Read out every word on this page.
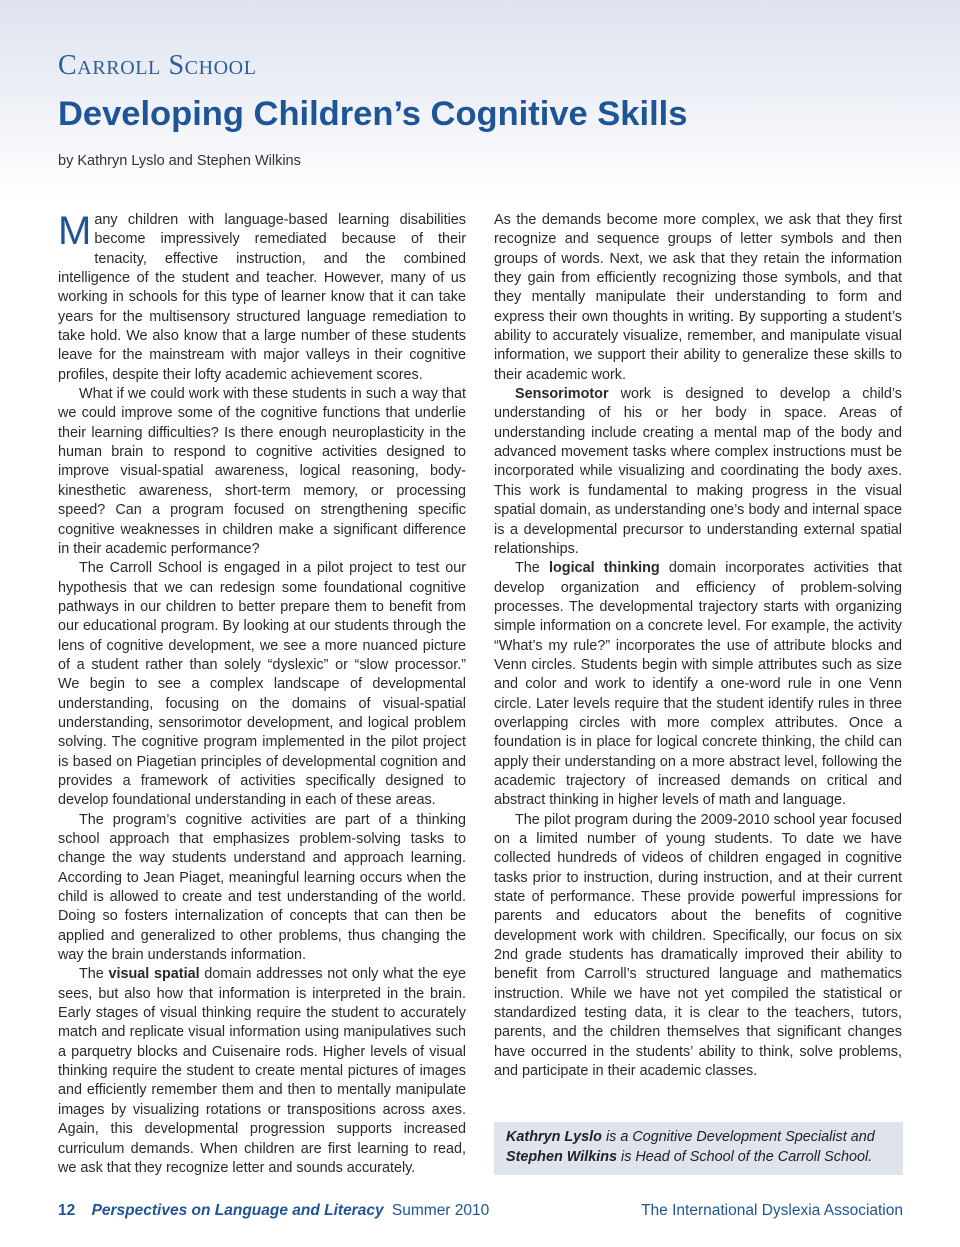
Carroll School
Developing Children’s Cognitive Skills
by Kathryn Lyslo and Stephen Wilkins

Many children with language-based learning disabilities become impressively remediated because of their tenacity, effective instruction, and the combined intelligence of the student and teacher. However, many of us working in schools for this type of learner know that it can take years for the multisensory structured language remediation to take hold. We also know that a large number of these students leave for the mainstream with major valleys in their cognitive profiles, despite their lofty academic achievement scores.

What if we could work with these students in such a way that we could improve some of the cognitive functions that underlie their learning difficulties? Is there enough neuroplasticity in the human brain to respond to cognitive activities designed to improve visual-spatial awareness, logical reasoning, body-kinesthetic awareness, short-term memory, or processing speed? Can a program focused on strengthening specific cognitive weaknesses in children make a significant difference in their academic performance?

The Carroll School is engaged in a pilot project to test our hypothesis that we can redesign some foundational cognitive pathways in our children to better prepare them to benefit from our educational program. By looking at our students through the lens of cognitive development, we see a more nuanced picture of a student rather than solely “dyslexic” or “slow processor.” We begin to see a complex landscape of developmental understanding, focusing on the domains of visual-spatial understanding, sensorimotor development, and logical problem solving. The cognitive program implemented in the pilot project is based on Piagetian principles of developmental cognition and provides a framework of activities specifically designed to develop foundational understanding in each of these areas.

The program’s cognitive activities are part of a thinking school approach that emphasizes problem-solving tasks to change the way students understand and approach learning. According to Jean Piaget, meaningful learning occurs when the child is allowed to create and test understanding of the world. Doing so fosters internalization of concepts that can then be applied and generalized to other problems, thus changing the way the brain understands information.

The visual spatial domain addresses not only what the eye sees, but also how that information is interpreted in the brain. Early stages of visual thinking require the student to accurately match and replicate visual information using manipulatives such a parquetry blocks and Cuisenaire rods. Higher levels of visual thinking require the student to create mental pictures of images and efficiently remember them and then to mentally manipulate images by visualizing rotations or transpositions across axes. Again, this developmental progression supports increased curriculum demands. When children are first learning to read, we ask that they recognize letter and sounds accurately.

As the demands become more complex, we ask that they first recognize and sequence groups of letter symbols and then groups of words. Next, we ask that they retain the information they gain from efficiently recognizing those symbols, and that they mentally manipulate their understanding to form and express their own thoughts in writing. By supporting a student’s ability to accurately visualize, remember, and manipulate visual information, we support their ability to generalize these skills to their academic work.

Sensorimotor work is designed to develop a child’s understanding of his or her body in space. Areas of understanding include creating a mental map of the body and advanced movement tasks where complex instructions must be incorporated while visualizing and coordinating the body axes. This work is fundamental to making progress in the visual spatial domain, as understanding one’s body and internal space is a developmental precursor to understanding external spatial relationships.

The logical thinking domain incorporates activities that develop organization and efficiency of problem-solving processes. The developmental trajectory starts with organizing simple information on a concrete level. For example, the activity “What’s my rule?” incorporates the use of attribute blocks and Venn circles. Students begin with simple attributes such as size and color and work to identify a one-word rule in one Venn circle. Later levels require that the student identify rules in three overlapping circles with more complex attributes. Once a foundation is in place for logical concrete thinking, the child can apply their understanding on a more abstract level, following the academic trajectory of increased demands on critical and abstract thinking in higher levels of math and language.

The pilot program during the 2009-2010 school year focused on a limited number of young students. To date we have collected hundreds of videos of children engaged in cognitive tasks prior to instruction, during instruction, and at their current state of performance. These provide powerful impressions for parents and educators about the benefits of cognitive development work with children. Specifically, our focus on six 2nd grade students has dramatically improved their ability to benefit from Carroll’s structured language and mathematics instruction. While we have not yet compiled the statistical or standardized testing data, it is clear to the teachers, tutors, parents, and the children themselves that significant changes have occurred in the students’ ability to think, solve problems, and participate in their academic classes.

Kathryn Lyslo is a Cognitive Development Specialist and Stephen Wilkins is Head of School of the Carroll School.
12 Perspectives on Language and Literacy Summer 2010	The International Dyslexia Association
